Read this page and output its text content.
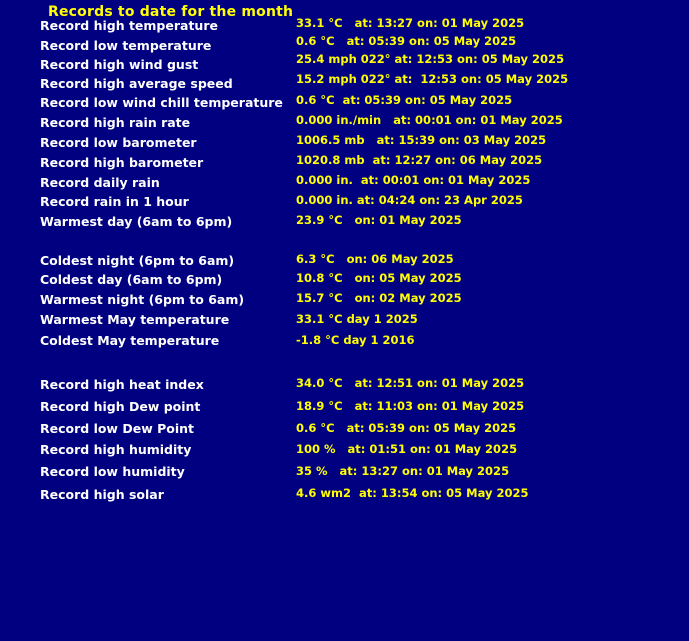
Records to date for the month
Record high temperature	33.1 °C   at: 13:27 on: 01 May 2025
Record low temperature	0.6 °C   at: 05:39 on: 05 May 2025
Record high wind gust	25.4 mph 022° at: 12:53 on: 05 May 2025
Record high average speed	15.2 mph 022° at:  12:53 on: 05 May 2025
Record low wind chill temperature 0.6 °C  at: 05:39 on: 05 May 2025
Record high rain rate	0.000 in./min   at: 00:01 on: 01 May 2025
Record low barometer	1006.5 mb   at: 15:39 on: 03 May 2025
Record high barometer	1020.8 mb  at: 12:27 on: 06 May 2025
Record daily rain	0.000 in.  at: 00:01 on: 01 May 2025
Record rain in 1 hour	0.000 in. at: 04:24 on: 23 Apr 2025
Warmest day (6am to 6pm)	23.9 °C   on: 01 May 2025
Coldest night (6pm to 6am)	6.3 °C   on: 06 May 2025
Coldest day (6am to 6pm)	10.8 °C   on: 05 May 2025
Warmest night (6pm to 6am)	15.7 °C   on: 02 May 2025
Warmest May temperature	33.1 °C day 1 2025
Coldest May temperature	-1.8 °C day 1 2016
Record high heat index	34.0 °C   at: 12:51 on: 01 May 2025
Record high Dew point	18.9 °C   at: 11:03 on: 01 May 2025
Record low Dew Point	0.6 °C   at: 05:39 on: 05 May 2025
Record high humidity	100 %   at: 01:51 on: 01 May 2025
Record low humidity	35 %   at: 13:27 on: 01 May 2025
Record high solar	4.6 wm2  at: 13:54 on: 05 May 2025
